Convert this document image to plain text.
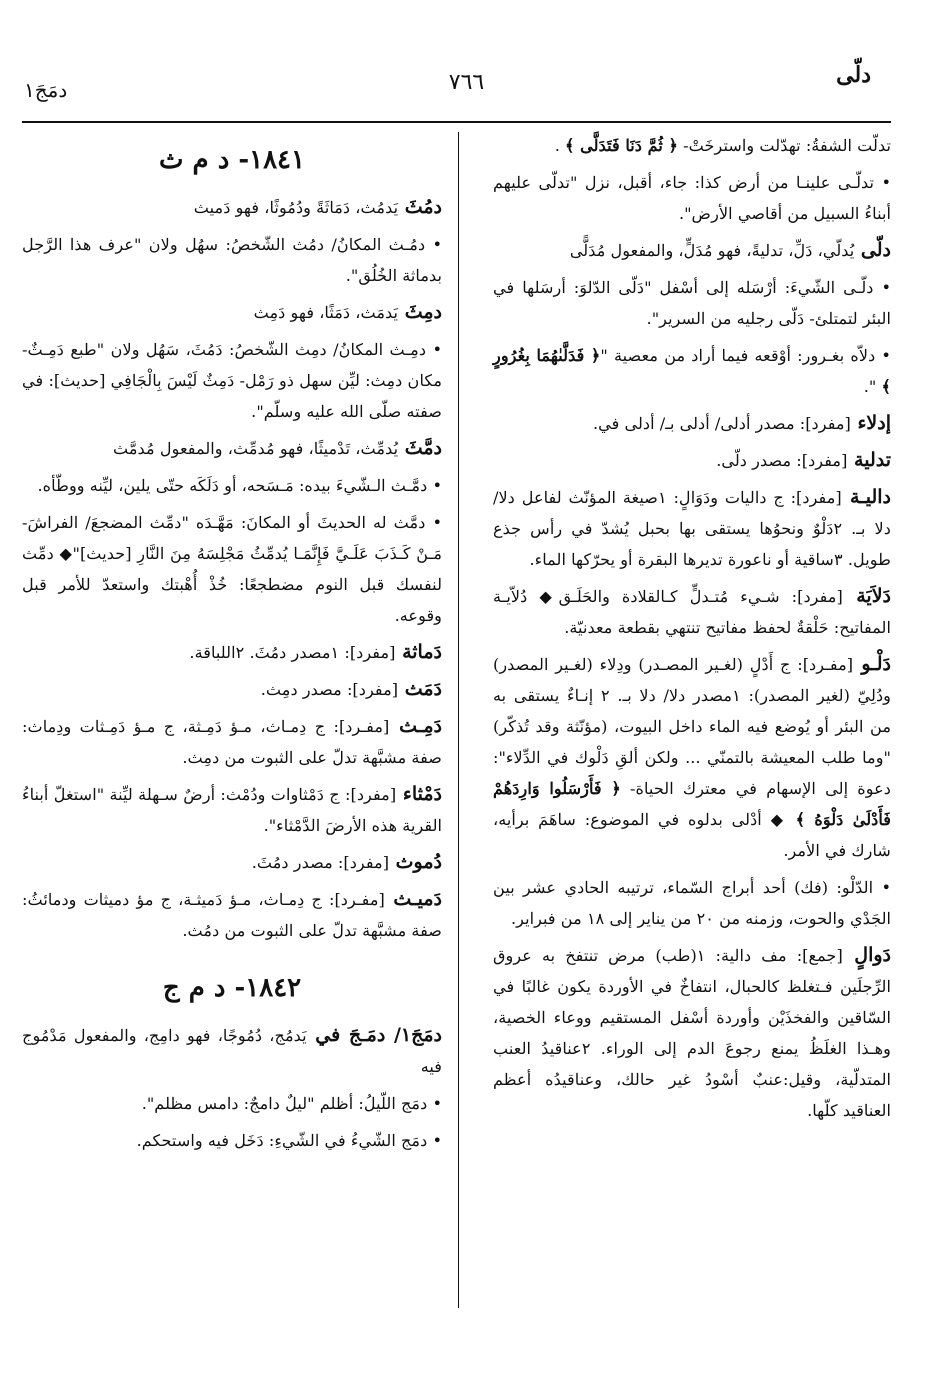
دلّى
٧٦٦
دمَجَ١

تدلّت الشفةُ: تهدّلت واسترخَتْ- ﴿ ثُمَّ دَنَا فَتَدَلَّى ﴾ .

• تدلّـى علينـا من أرض كذا: جاء، أقبل، نزل "تدلّى عليهم أبناءُ السبيل من أقاصي الأرض".

دلّى يُدلّي، دَلِّ، تدليةً، فهو مُدَلٍّ، والمفعول مُدَلًّى

• دلّـى الشّيءَ: أرْسَله إلى أسْفل "دَلّى الدّلوَ: أرسَلها في البئر لتمتلئ- دَلّى رجليه من السرير".

• دلاّه بغـرور: أوْقعه فيما أراد من معصية "﴿ فَدَلَّىٰهُمَا بِغُرُورٍ ﴾ ".

إدلاء [مفرد]: مصدر أدلى/ أدلى بـ/ أدلى في.

تدلية [مفرد]: مصدر دلّى.

داليـة [مفرد]: ج داليات ودَوَالٍ: ١صيغة المؤنّث لفاعل دلا/ دلا بـ. ٢دَلْوٌ ونحوُها يستقى بها بحبل يُشدّ في رأس جذع طويل. ٣ساقية أو ناعورة تديرها البقرة أو يحرّكها الماء.

دَلاَيَة [مفرد]: شـيء مُتـدلٍّ كـالقلادة والحَلَـق◆ دُلاّيـة المفاتيح: حَلْقةٌ لحفظ مفاتيح تنتهي بقطعة معدنيّة.

دَلْـو [مفـرد]: ج أَدْلٍ (لغـير المصـدر) ودِلاء (لغـير المصدر) ودُلِيّ (لغير المصدر): ١مصدر دلا/ دلا بـ. ٢ إنـاءٌ يستقى به من البئر أو يُوضع فيه الماء داخل البيوت، (مؤنّثة وقد تُذكّر) "وما طلب المعيشة بالتمنّي ... ولكن ألقِ دَلْوك في الدِّلاء": دعوة إلى الإسهام في معترك الحياة- ﴿ فَأَرْسَلُوا وَارِدَهُمْ فَأَدْلَىٰ دَلْوَهُ ﴾ ◆ أدْلى بدلوه في الموضوع: ساهَمَ برأيه، شارك في الأمر.

• الدّلْو: (فك) أحد أبراج السّماء، ترتيبه الحادي عشر بين الجَدْي والحوت، وزمنه من ٢٠ من يناير إلى ١٨ من فبراير.

دَوالٍ [جمع]: مف دالية: ١(طب) مرض تنتفخ به عروق الرِّجلَين فـتغلظ كالحبال، انتفاخٌ في الأوردة يكون غالبًا في السّاقين والفخذَيْن وأوردة أسْفل المستقيم ووعاء الخصية، وهـذا الغلَظُ يمنع رجوعَ الدم إلى الوراء. ٢عناقيدُ العنب المتدلّية، وقيل:عنبٌ أسْودُ غير حالك، وعناقيدُه أعظم العناقيد كلّها.

١٨٤١- د م ث

دمُثَ يَدمُث، دَمَاثَةً ودُمُوثًا، فهو دَميث

• دمُـث المكانُ/ دمُث الشّخصُ: سهُل ولان "عرف هذا الرَّجل بدماثة الخُلُق".

دمِثَ يَدمَث، دَمَثًا، فهو دَمِث

• دمِـث المكانُ/ دمِث الشّخصُ: دَمُثَ، سَهُل ولان "طبع دَمِـثٌ- مكان دمِث: ليِّن سهل ذو رَمْل- دَمِثٌ لَيْسَ بِالْجَافِي [حديث]: في صفته صلّى الله عليه وسلّم".

دمَّثَ يُدمِّث، تَدْميثًا، فهو مُدمِّث، والمفعول مُدمَّث

• دمَّـث الـشّيءَ بيده: مَـسَحه، أو دَلَكَه حتّى يلين، ليِّنه ووطّأه.

• دمَّث له الحديثَ أو المكانَ: مَهَّـدَه "دمِّث المضجعَ/ الفراشَ- مَـنْ كَـذَبَ عَلَـيَّ فَإِنَّمَـا يُدمِّثُ مَجْلِسَهُ مِنَ النَّارِ [حديث]"◆ دمِّث لنفسك قبل النوم مضطجعًا: خُذْ أُهْبتك واستعدّ للأمر قبل وقوعه.

دَماثة [مفرد]: ١مصدر دمُثَ. ٢اللباقة.

دَمَث [مفرد]: مصدر دمِث.

دَمِـث [مفـرد]: ج دِمـاث، مـؤ دَمِـثة، ج مـؤ دَمِـثات ودِماث: صفة مشبَّهة تدلّ على الثبوت من دمِث.

دَمْثاء [مفرد]: ج دَمْثاوات ودُمْث: أرضٌ سـهلة ليِّنة "استغلّ أبناءُ القرية هذه الأرضَ الدَّمْثاء".

دُموث [مفرد]: مصدر دمُثَ.

دَميـث [مفـرد]: ج دِمـاث، مـؤ دَميثـة، ج مؤ دميثات ودمائثُ: صفة مشبَّهة تدلّ على الثبوت من دمُث.

١٨٤٢- د م ج

دمَجَ١/ دمَـجَ في يَدمُج، دُمُوجًا، فهو دامِج، والمفعول مَدْمُوج فيه

• دمَج اللّيلُ: أظلم "ليلٌ دامجٌ: دامس مظلم".

• دمَج الشّيءُ في الشّيءِ: دَخَل فيه واستحكم.
